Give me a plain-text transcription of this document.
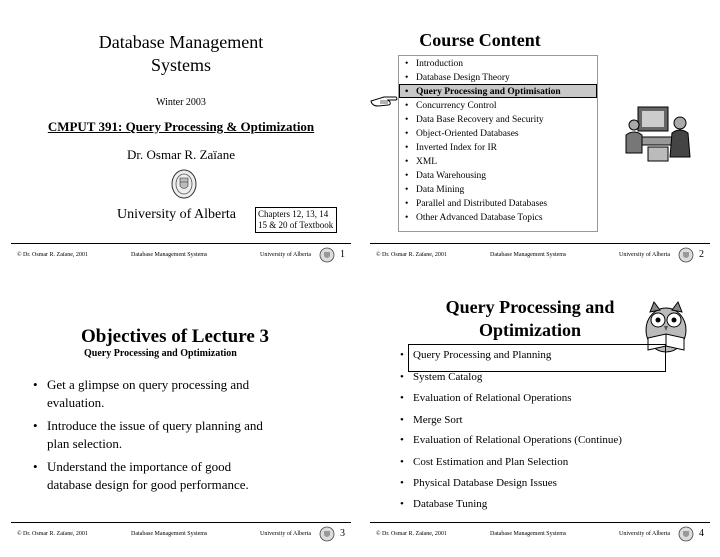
Database Management
Systems
Winter 2003
CMPUT 391: Query Processing & Optimization
Dr. Osmar R. Zaïane
University of Alberta Chapters 12, 13, 14
15 & 20 of Textbook
© Dr. Osmar R. Zaïane, 2001	Database Management Systems	University of Alberta	1
Course Content
• Introduction
• Database Design Theory
• Query Processing and Optimisation
• Concurrency Control
• Data Base Recovery and Security
• Object-Oriented Databases
• Inverted Index for IR
• XML
• Data Warehousing
• Data Mining
• Parallel and Distributed Databases
• Other Advanced Database Topics
© Dr. Osmar R. Zaïane, 2001	Database Management Systems	University of Alberta	2
Objectives of Lecture 3
Query Processing and Optimization
• Get a glimpse on query processing and
evaluation.
• Introduce the issue of query planning and
plan selection.
• Understand the importance of good
database design for good performance.
© Dr. Osmar R. Zaïane, 2001	Database Management Systems	University of Alberta	3
Query Processing and
Optimization
• Query Processing and Planning
• System Catalog
• Evaluation of Relational Operations
• Merge Sort
• Evaluation of Relational Operations (Continue)
• Cost Estimation and Plan Selection
• Physical Database Design Issues
• Database Tuning
© Dr. Osmar R. Zaïane, 2001	Database Management Systems	University of Alberta	4
